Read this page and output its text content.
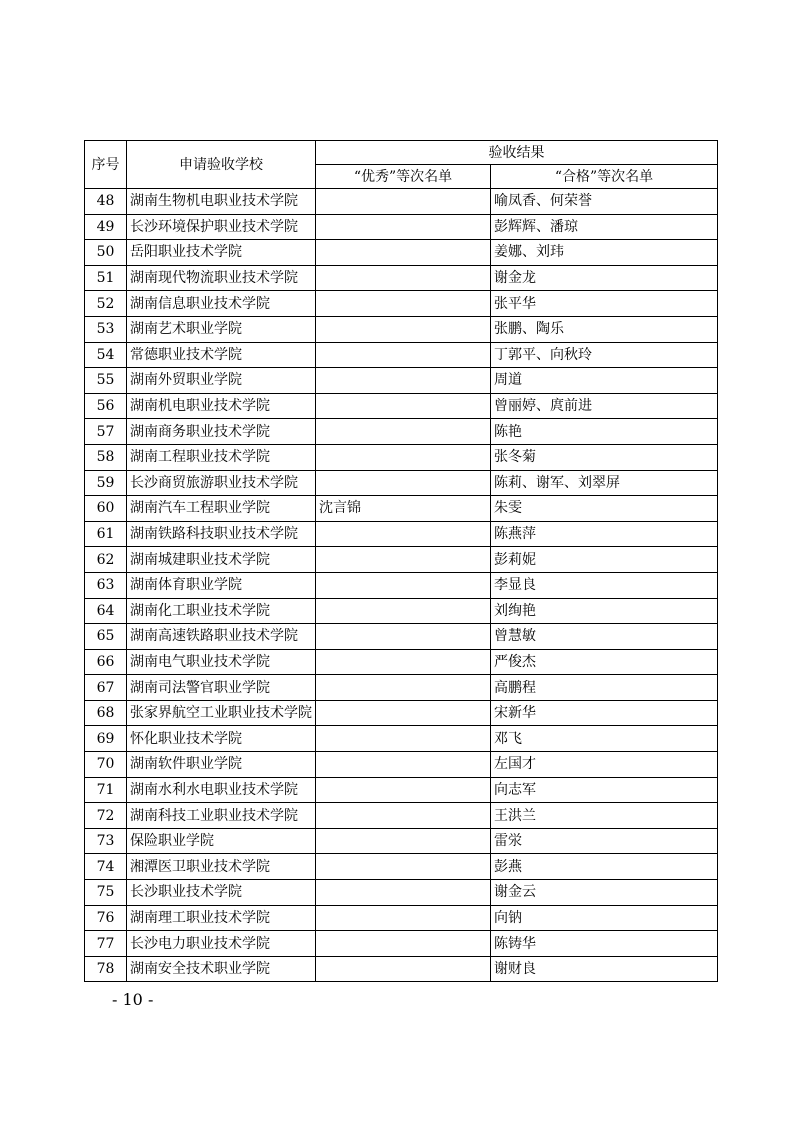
序号	申请验收学校	验收结果	
		“优秀”等次名单	“合格”等次名单
48	湖南生物机电职业技术学院		喻凤香、何荣誉
49	长沙环境保护职业技术学院		彭辉辉、潘琼
50	岳阳职业技术学院		姜娜、刘玮
51	湖南现代物流职业技术学院		谢金龙
52	湖南信息职业技术学院		张平华
53	湖南艺术职业学院		张鹏、陶乐
54	常德职业技术学院		丁郭平、向秋玲
55	湖南外贸职业学院		周道
56	湖南机电职业技术学院		曾丽婷、庹前进
57	湖南商务职业技术学院		陈艳
58	湖南工程职业技术学院		张冬菊
59	长沙商贸旅游职业技术学院		陈莉、谢军、刘翠屏
60	湖南汽车工程职业学院	沈言锦	朱雯
61	湖南铁路科技职业技术学院		陈燕萍
62	湖南城建职业技术学院		彭莉妮
63	湖南体育职业学院		李显良
64	湖南化工职业技术学院		刘绚艳
65	湖南高速铁路职业技术学院		曾慧敏
66	湖南电气职业技术学院		严俊杰
67	湖南司法警官职业学院		高鹏程
68	张家界航空工业职业技术学院		宋新华
69	怀化职业技术学院		邓飞
70	湖南软件职业学院		左国才
71	湖南水利水电职业技术学院		向志军
72	湖南科技工业职业技术学院		王洪兰
73	保险职业学院		雷泶
74	湘潭医卫职业技术学院		彭燕
75	长沙职业技术学院		谢金云
76	湖南理工职业技术学院		向钠
77	长沙电力职业技术学院		陈铸华
78	湖南安全技术职业学院		谢财良
- 10 -
